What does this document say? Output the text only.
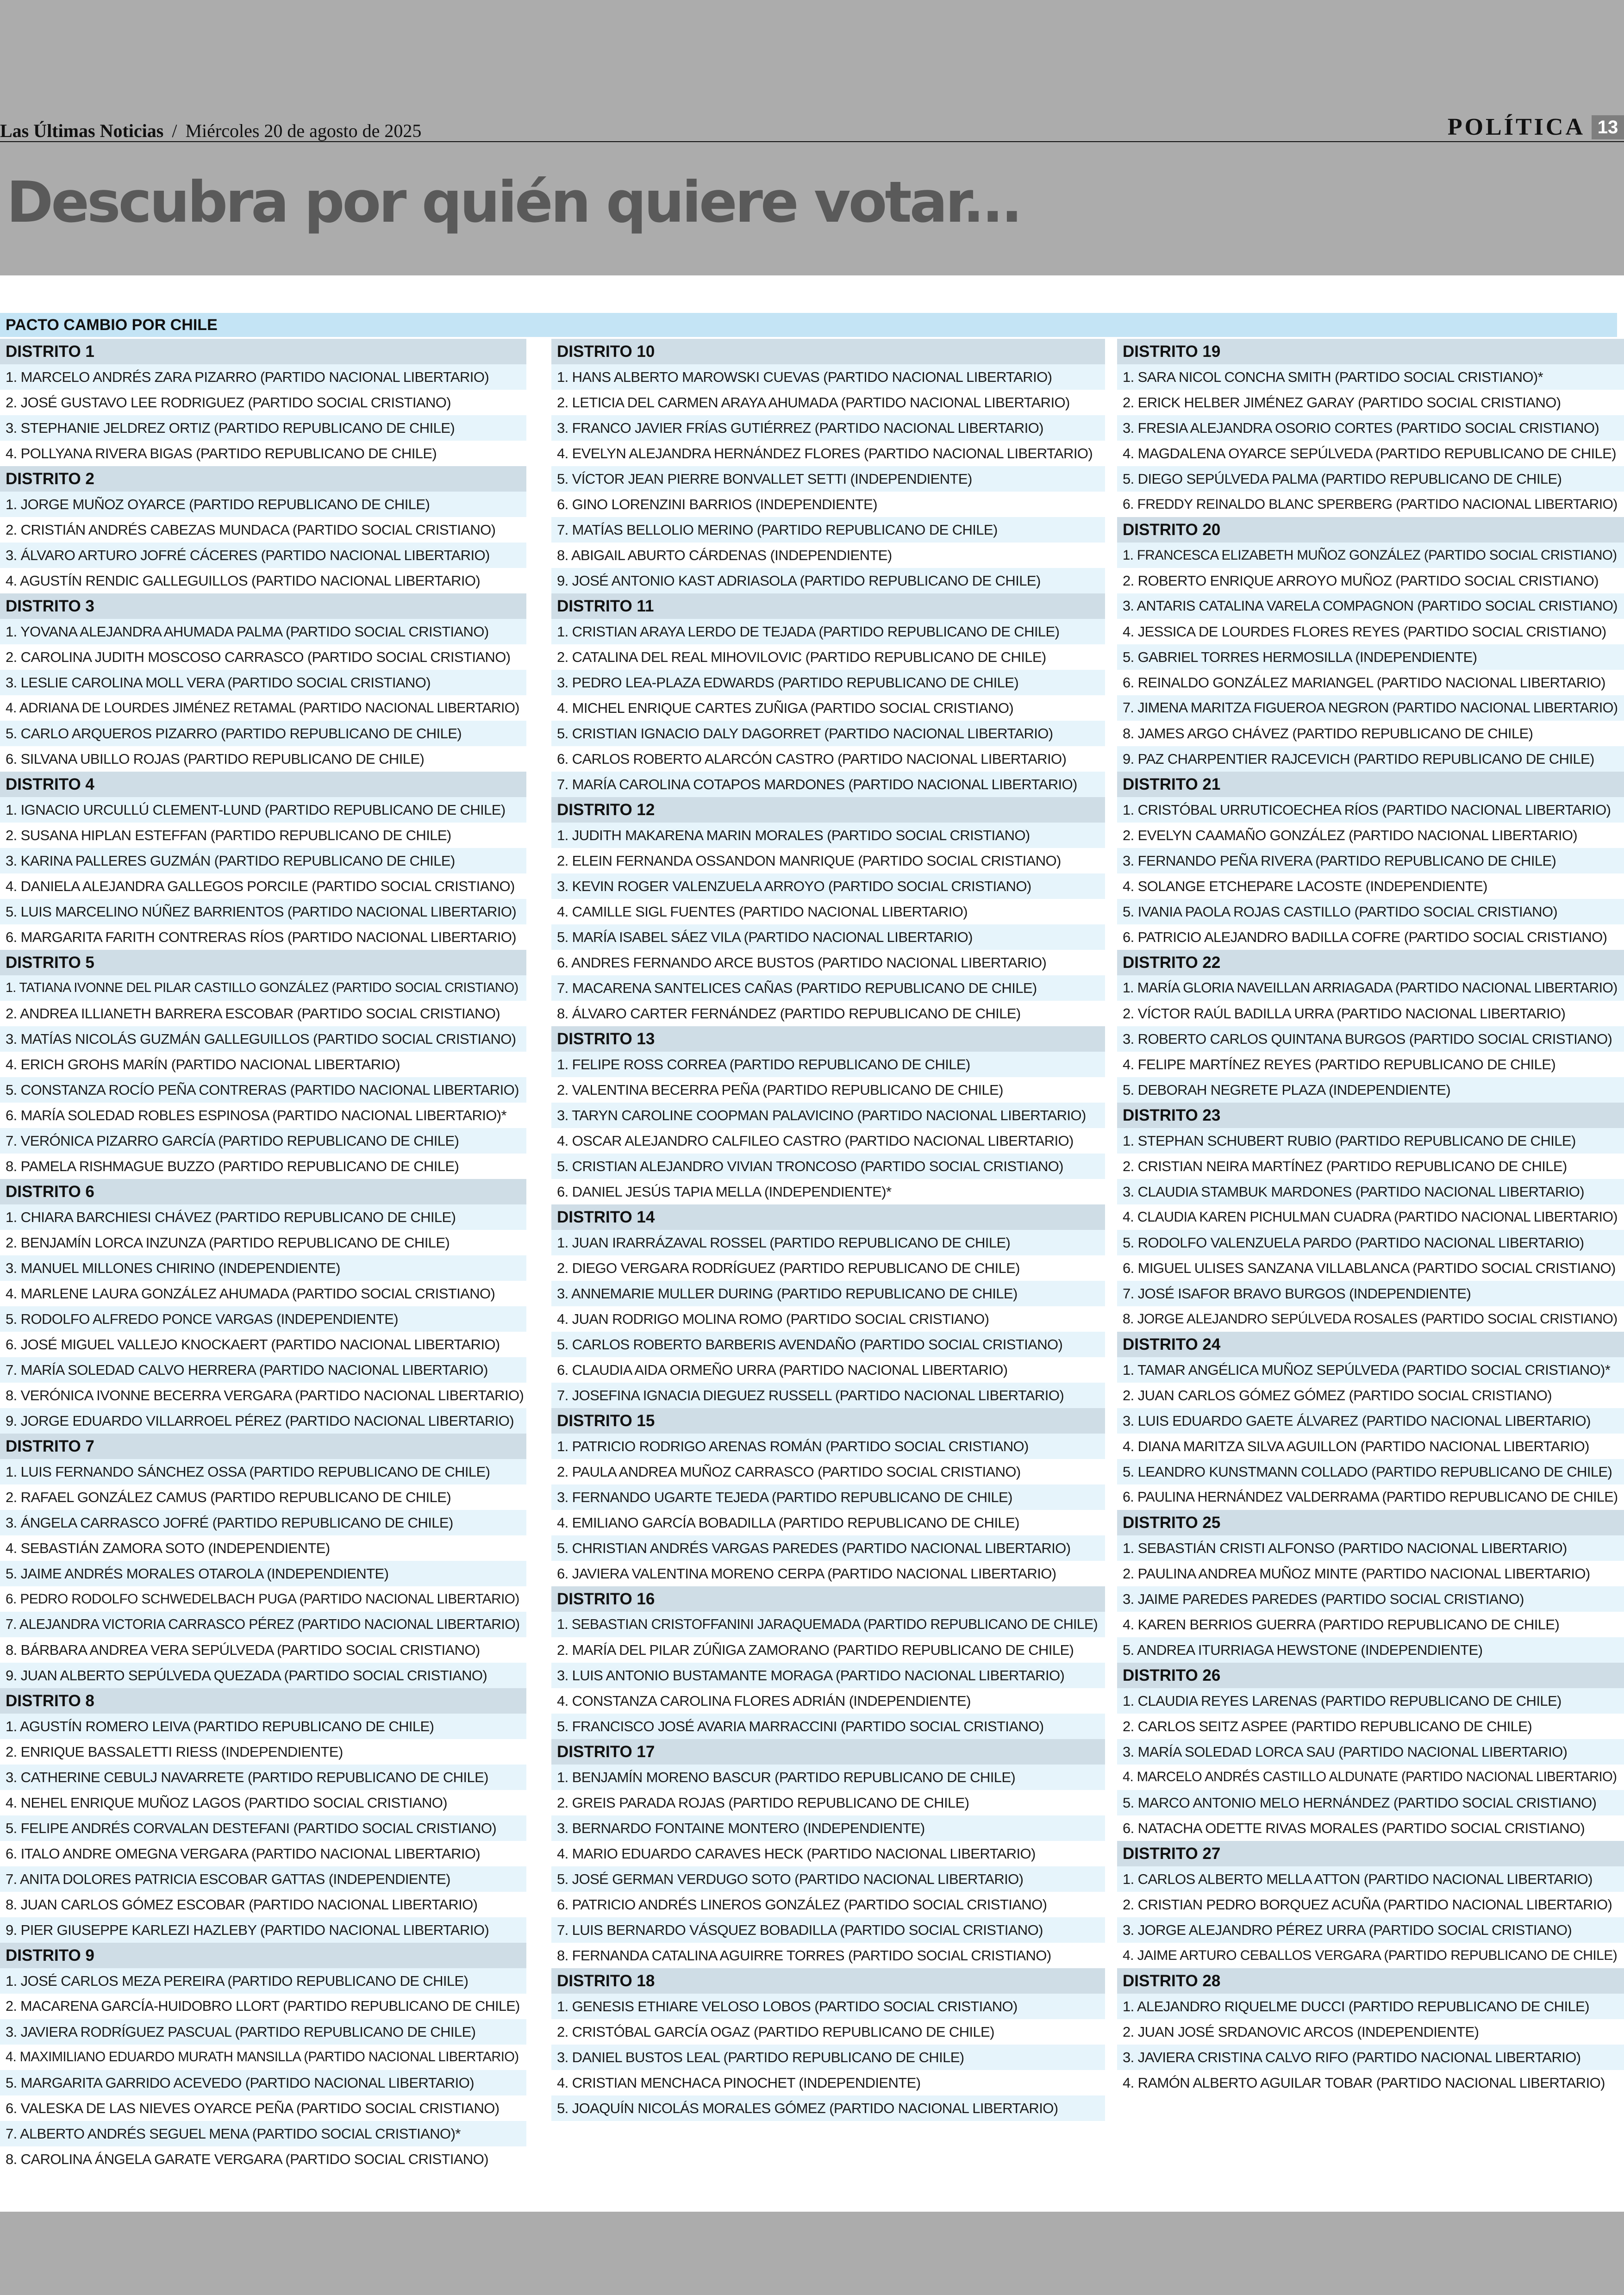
Las Últimas Noticias / Miércoles 20 de agosto de 2025	POLÍTICA 13
Descubra por quién quiere votar...
PACTO CAMBIO POR CHILE
DISTRITO 1
1. MARCELO ANDRÉS ZARA PIZARRO (PARTIDO NACIONAL LIBERTARIO)
2. JOSÉ GUSTAVO LEE RODRIGUEZ (PARTIDO SOCIAL CRISTIANO)
3. STEPHANIE JELDREZ ORTIZ (PARTIDO REPUBLICANO DE CHILE)
4. POLLYANA RIVERA BIGAS (PARTIDO REPUBLICANO DE CHILE)
DISTRITO 2
1. JORGE MUÑOZ OYARCE (PARTIDO REPUBLICANO DE CHILE)
2. CRISTIÁN ANDRÉS CABEZAS MUNDACA (PARTIDO SOCIAL CRISTIANO)
3. ÁLVARO ARTURO JOFRÉ CÁCERES (PARTIDO NACIONAL LIBERTARIO)
4. AGUSTÍN RENDIC GALLEGUILLOS (PARTIDO NACIONAL LIBERTARIO)
DISTRITO 3
1. YOVANA ALEJANDRA AHUMADA PALMA (PARTIDO SOCIAL CRISTIANO)
2. CAROLINA JUDITH MOSCOSO CARRASCO (PARTIDO SOCIAL CRISTIANO)
3. LESLIE CAROLINA MOLL VERA (PARTIDO SOCIAL CRISTIANO)
4. ADRIANA DE LOURDES JIMÉNEZ RETAMAL (PARTIDO NACIONAL LIBERTARIO)
5. CARLO ARQUEROS PIZARRO (PARTIDO REPUBLICANO DE CHILE)
6. SILVANA UBILLO ROJAS (PARTIDO REPUBLICANO DE CHILE)
DISTRITO 4
1. IGNACIO URCULLÚ CLEMENT-LUND (PARTIDO REPUBLICANO DE CHILE)
2. SUSANA HIPLAN ESTEFFAN (PARTIDO REPUBLICANO DE CHILE)
3. KARINA PALLERES GUZMÁN (PARTIDO REPUBLICANO DE CHILE)
4. DANIELA ALEJANDRA GALLEGOS PORCILE (PARTIDO SOCIAL CRISTIANO)
5. LUIS MARCELINO NÚÑEZ BARRIENTOS (PARTIDO NACIONAL LIBERTARIO)
6. MARGARITA FARITH CONTRERAS RÍOS (PARTIDO NACIONAL LIBERTARIO)
DISTRITO 5
1. TATIANA IVONNE DEL PILAR CASTILLO GONZÁLEZ (PARTIDO SOCIAL CRISTIANO)
2. ANDREA ILLIANETH BARRERA ESCOBAR (PARTIDO SOCIAL CRISTIANO)
3. MATÍAS NICOLÁS GUZMÁN GALLEGUILLOS (PARTIDO SOCIAL CRISTIANO)
4. ERICH GROHS MARÍN (PARTIDO NACIONAL LIBERTARIO)
5. CONSTANZA ROCÍO PEÑA CONTRERAS (PARTIDO NACIONAL LIBERTARIO)
6. MARÍA SOLEDAD ROBLES ESPINOSA (PARTIDO NACIONAL LIBERTARIO)*
7. VERÓNICA PIZARRO GARCÍA (PARTIDO REPUBLICANO DE CHILE)
8. PAMELA RISHMAGUE BUZZO (PARTIDO REPUBLICANO DE CHILE)
DISTRITO 6
1. CHIARA BARCHIESI CHÁVEZ (PARTIDO REPUBLICANO DE CHILE)
2. BENJAMÍN LORCA INZUNZA (PARTIDO REPUBLICANO DE CHILE)
3. MANUEL MILLONES CHIRINO (INDEPENDIENTE)
4. MARLENE LAURA GONZÁLEZ AHUMADA (PARTIDO SOCIAL CRISTIANO)
5. RODOLFO ALFREDO PONCE VARGAS (INDEPENDIENTE)
6. JOSÉ MIGUEL VALLEJO KNOCKAERT (PARTIDO NACIONAL LIBERTARIO)
7. MARÍA SOLEDAD CALVO HERRERA (PARTIDO NACIONAL LIBERTARIO)
8. VERÓNICA IVONNE BECERRA VERGARA (PARTIDO NACIONAL LIBERTARIO)
9. JORGE EDUARDO VILLARROEL PÉREZ (PARTIDO NACIONAL LIBERTARIO)
DISTRITO 7
1. LUIS FERNANDO SÁNCHEZ OSSA (PARTIDO REPUBLICANO DE CHILE)
2. RAFAEL GONZÁLEZ CAMUS (PARTIDO REPUBLICANO DE CHILE)
3. ÁNGELA CARRASCO JOFRÉ (PARTIDO REPUBLICANO DE CHILE)
4. SEBASTIÁN ZAMORA SOTO (INDEPENDIENTE)
5. JAIME ANDRÉS MORALES OTAROLA (INDEPENDIENTE)
6. PEDRO RODOLFO SCHWEDELBACH PUGA (PARTIDO NACIONAL LIBERTARIO)
7. ALEJANDRA VICTORIA CARRASCO PÉREZ (PARTIDO NACIONAL LIBERTARIO)
8. BÁRBARA ANDREA VERA SEPÚLVEDA (PARTIDO SOCIAL CRISTIANO)
9. JUAN ALBERTO SEPÚLVEDA QUEZADA (PARTIDO SOCIAL CRISTIANO)
DISTRITO 8
1. AGUSTÍN ROMERO LEIVA (PARTIDO REPUBLICANO DE CHILE)
2. ENRIQUE BASSALETTI RIESS (INDEPENDIENTE)
3. CATHERINE CEBULJ NAVARRETE (PARTIDO REPUBLICANO DE CHILE)
4. NEHEL ENRIQUE MUÑOZ LAGOS (PARTIDO SOCIAL CRISTIANO)
5. FELIPE ANDRÉS CORVALAN DESTEFANI (PARTIDO SOCIAL CRISTIANO)
6. ITALO ANDRE OMEGNA VERGARA (PARTIDO NACIONAL LIBERTARIO)
7. ANITA DOLORES PATRICIA ESCOBAR GATTAS (INDEPENDIENTE)
8. JUAN CARLOS GÓMEZ ESCOBAR (PARTIDO NACIONAL LIBERTARIO)
9. PIER GIUSEPPE KARLEZI HAZLEBY (PARTIDO NACIONAL LIBERTARIO)
DISTRITO 9
1. JOSÉ CARLOS MEZA PEREIRA (PARTIDO REPUBLICANO DE CHILE)
2. MACARENA GARCÍA-HUIDOBRO LLORT (PARTIDO REPUBLICANO DE CHILE)
3. JAVIERA RODRÍGUEZ PASCUAL (PARTIDO REPUBLICANO DE CHILE)
4. MAXIMILIANO EDUARDO MURATH MANSILLA (PARTIDO NACIONAL LIBERTARIO)
5. MARGARITA GARRIDO ACEVEDO (PARTIDO NACIONAL LIBERTARIO)
6. VALESKA DE LAS NIEVES OYARCE PEÑA (PARTIDO SOCIAL CRISTIANO)
7. ALBERTO ANDRÉS SEGUEL MENA (PARTIDO SOCIAL CRISTIANO)*
8. CAROLINA ÁNGELA GARATE VERGARA (PARTIDO SOCIAL CRISTIANO)
DISTRITO 10
1. HANS ALBERTO MAROWSKI CUEVAS (PARTIDO NACIONAL LIBERTARIO)
2. LETICIA DEL CARMEN ARAYA AHUMADA (PARTIDO NACIONAL LIBERTARIO)
3. FRANCO JAVIER FRÍAS GUTIÉRREZ (PARTIDO NACIONAL LIBERTARIO)
4. EVELYN ALEJANDRA HERNÁNDEZ FLORES (PARTIDO NACIONAL LIBERTARIO)
5. VÍCTOR JEAN PIERRE BONVALLET SETTI (INDEPENDIENTE)
6. GINO LORENZINI BARRIOS (INDEPENDIENTE)
7. MATÍAS BELLOLIO MERINO (PARTIDO REPUBLICANO DE CHILE)
8. ABIGAIL ABURTO CÁRDENAS (INDEPENDIENTE)
9. JOSÉ ANTONIO KAST ADRIASOLA (PARTIDO REPUBLICANO DE CHILE)
DISTRITO 11
1. CRISTIAN ARAYA LERDO DE TEJADA (PARTIDO REPUBLICANO DE CHILE)
2. CATALINA DEL REAL MIHOVILOVIC (PARTIDO REPUBLICANO DE CHILE)
3. PEDRO LEA-PLAZA EDWARDS (PARTIDO REPUBLICANO DE CHILE)
4. MICHEL ENRIQUE CARTES ZUÑIGA (PARTIDO SOCIAL CRISTIANO)
5. CRISTIAN IGNACIO DALY DAGORRET (PARTIDO NACIONAL LIBERTARIO)
6. CARLOS ROBERTO ALARCÓN CASTRO (PARTIDO NACIONAL LIBERTARIO)
7. MARÍA CAROLINA COTAPOS MARDONES (PARTIDO NACIONAL LIBERTARIO)
DISTRITO 12
1. JUDITH MAKARENA MARIN MORALES (PARTIDO SOCIAL CRISTIANO)
2. ELEIN FERNANDA OSSANDON MANRIQUE (PARTIDO SOCIAL CRISTIANO)
3. KEVIN ROGER VALENZUELA ARROYO (PARTIDO SOCIAL CRISTIANO)
4. CAMILLE SIGL FUENTES (PARTIDO NACIONAL LIBERTARIO)
5. MARÍA ISABEL SÁEZ VILA (PARTIDO NACIONAL LIBERTARIO)
6. ANDRES FERNANDO ARCE BUSTOS (PARTIDO NACIONAL LIBERTARIO)
7. MACARENA SANTELICES CAÑAS (PARTIDO REPUBLICANO DE CHILE)
8. ÁLVARO CARTER FERNÁNDEZ (PARTIDO REPUBLICANO DE CHILE)
DISTRITO 13
1. FELIPE ROSS CORREA (PARTIDO REPUBLICANO DE CHILE)
2. VALENTINA BECERRA PEÑA (PARTIDO REPUBLICANO DE CHILE)
3. TARYN CAROLINE COOPMAN PALAVICINO (PARTIDO NACIONAL LIBERTARIO)
4. OSCAR ALEJANDRO CALFILEO CASTRO (PARTIDO NACIONAL LIBERTARIO)
5. CRISTIAN ALEJANDRO VIVIAN TRONCOSO (PARTIDO SOCIAL CRISTIANO)
6. DANIEL JESÚS TAPIA MELLA (INDEPENDIENTE)*
DISTRITO 14
1. JUAN IRARRÁZAVAL ROSSEL (PARTIDO REPUBLICANO DE CHILE)
2. DIEGO VERGARA RODRÍGUEZ (PARTIDO REPUBLICANO DE CHILE)
3. ANNEMARIE MULLER DURING (PARTIDO REPUBLICANO DE CHILE)
4. JUAN RODRIGO MOLINA ROMO (PARTIDO SOCIAL CRISTIANO)
5. CARLOS ROBERTO BARBERIS AVENDAÑO (PARTIDO SOCIAL CRISTIANO)
6. CLAUDIA AIDA ORMEÑO URRA (PARTIDO NACIONAL LIBERTARIO)
7. JOSEFINA IGNACIA DIEGUEZ RUSSELL (PARTIDO NACIONAL LIBERTARIO)
DISTRITO 15
1. PATRICIO RODRIGO ARENAS ROMÁN (PARTIDO SOCIAL CRISTIANO)
2. PAULA ANDREA MUÑOZ CARRASCO (PARTIDO SOCIAL CRISTIANO)
3. FERNANDO UGARTE TEJEDA (PARTIDO REPUBLICANO DE CHILE)
4. EMILIANO GARCÍA BOBADILLA (PARTIDO REPUBLICANO DE CHILE)
5. CHRISTIAN ANDRÉS VARGAS PAREDES (PARTIDO NACIONAL LIBERTARIO)
6. JAVIERA VALENTINA MORENO CERPA (PARTIDO NACIONAL LIBERTARIO)
DISTRITO 16
1. SEBASTIAN CRISTOFFANINI JARAQUEMADA (PARTIDO REPUBLICANO DE CHILE)
2. MARÍA DEL PILAR ZÚÑIGA ZAMORANO (PARTIDO REPUBLICANO DE CHILE)
3. LUIS ANTONIO BUSTAMANTE MORAGA (PARTIDO NACIONAL LIBERTARIO)
4. CONSTANZA CAROLINA FLORES ADRIÁN (INDEPENDIENTE)
5. FRANCISCO JOSÉ AVARIA MARRACCINI (PARTIDO SOCIAL CRISTIANO)
DISTRITO 17
1. BENJAMÍN MORENO BASCUR (PARTIDO REPUBLICANO DE CHILE)
2. GREIS PARADA ROJAS (PARTIDO REPUBLICANO DE CHILE)
3. BERNARDO FONTAINE MONTERO (INDEPENDIENTE)
4. MARIO EDUARDO CARAVES HECK (PARTIDO NACIONAL LIBERTARIO)
5. JOSÉ GERMAN VERDUGO SOTO (PARTIDO NACIONAL LIBERTARIO)
6. PATRICIO ANDRÉS LINEROS GONZÁLEZ (PARTIDO SOCIAL CRISTIANO)
7. LUIS BERNARDO VÁSQUEZ BOBADILLA (PARTIDO SOCIAL CRISTIANO)
8. FERNANDA CATALINA AGUIRRE TORRES (PARTIDO SOCIAL CRISTIANO)
DISTRITO 18
1. GENESIS ETHIARE VELOSO LOBOS (PARTIDO SOCIAL CRISTIANO)
2. CRISTÓBAL GARCÍA OGAZ (PARTIDO REPUBLICANO DE CHILE)
3. DANIEL BUSTOS LEAL (PARTIDO REPUBLICANO DE CHILE)
4. CRISTIAN MENCHACA PINOCHET (INDEPENDIENTE)
5. JOAQUÍN NICOLÁS MORALES GÓMEZ (PARTIDO NACIONAL LIBERTARIO)
DISTRITO 19
1. SARA NICOL CONCHA SMITH (PARTIDO SOCIAL CRISTIANO)*
2. ERICK HELBER JIMÉNEZ GARAY (PARTIDO SOCIAL CRISTIANO)
3. FRESIA ALEJANDRA OSORIO CORTES (PARTIDO SOCIAL CRISTIANO)
4. MAGDALENA OYARCE SEPÚLVEDA (PARTIDO REPUBLICANO DE CHILE)
5. DIEGO SEPÚLVEDA PALMA (PARTIDO REPUBLICANO DE CHILE)
6. FREDDY REINALDO BLANC SPERBERG (PARTIDO NACIONAL LIBERTARIO)
DISTRITO 20
1. FRANCESCA ELIZABETH MUÑOZ GONZÁLEZ (PARTIDO SOCIAL CRISTIANO)
2. ROBERTO ENRIQUE ARROYO MUÑOZ (PARTIDO SOCIAL CRISTIANO)
3. ANTARIS CATALINA VARELA COMPAGNON (PARTIDO SOCIAL CRISTIANO)
4. JESSICA DE LOURDES FLORES REYES (PARTIDO SOCIAL CRISTIANO)
5. GABRIEL TORRES HERMOSILLA (INDEPENDIENTE)
6. REINALDO GONZÁLEZ MARIANGEL (PARTIDO NACIONAL LIBERTARIO)
7. JIMENA MARITZA FIGUEROA NEGRON (PARTIDO NACIONAL LIBERTARIO)
8. JAMES ARGO CHÁVEZ (PARTIDO REPUBLICANO DE CHILE)
9. PAZ CHARPENTIER RAJCEVICH (PARTIDO REPUBLICANO DE CHILE)
DISTRITO 21
1. CRISTÓBAL URRUTICOECHEA RÍOS (PARTIDO NACIONAL LIBERTARIO)
2. EVELYN CAAMAÑO GONZÁLEZ (PARTIDO NACIONAL LIBERTARIO)
3. FERNANDO PEÑA RIVERA (PARTIDO REPUBLICANO DE CHILE)
4. SOLANGE ETCHEPARE LACOSTE (INDEPENDIENTE)
5. IVANIA PAOLA ROJAS CASTILLO (PARTIDO SOCIAL CRISTIANO)
6. PATRICIO ALEJANDRO BADILLA COFRE (PARTIDO SOCIAL CRISTIANO)
DISTRITO 22
1. MARÍA GLORIA NAVEILLAN ARRIAGADA (PARTIDO NACIONAL LIBERTARIO)
2. VÍCTOR RAÚL BADILLA URRA (PARTIDO NACIONAL LIBERTARIO)
3. ROBERTO CARLOS QUINTANA BURGOS (PARTIDO SOCIAL CRISTIANO)
4. FELIPE MARTÍNEZ REYES (PARTIDO REPUBLICANO DE CHILE)
5. DEBORAH NEGRETE PLAZA (INDEPENDIENTE)
DISTRITO 23
1. STEPHAN SCHUBERT RUBIO (PARTIDO REPUBLICANO DE CHILE)
2. CRISTIAN NEIRA MARTÍNEZ (PARTIDO REPUBLICANO DE CHILE)
3. CLAUDIA STAMBUK MARDONES (PARTIDO NACIONAL LIBERTARIO)
4. CLAUDIA KAREN PICHULMAN CUADRA (PARTIDO NACIONAL LIBERTARIO)
5. RODOLFO VALENZUELA PARDO (PARTIDO NACIONAL LIBERTARIO)
6. MIGUEL ULISES SANZANA VILLABLANCA (PARTIDO SOCIAL CRISTIANO)
7. JOSÉ ISAFOR BRAVO BURGOS (INDEPENDIENTE)
8. JORGE ALEJANDRO SEPÚLVEDA ROSALES (PARTIDO SOCIAL CRISTIANO)
DISTRITO 24
1. TAMAR ANGÉLICA MUÑOZ SEPÚLVEDA (PARTIDO SOCIAL CRISTIANO)*
2. JUAN CARLOS GÓMEZ GÓMEZ (PARTIDO SOCIAL CRISTIANO)
3. LUIS EDUARDO GAETE ÁLVAREZ (PARTIDO NACIONAL LIBERTARIO)
4. DIANA MARITZA SILVA AGUILLON (PARTIDO NACIONAL LIBERTARIO)
5. LEANDRO KUNSTMANN COLLADO (PARTIDO REPUBLICANO DE CHILE)
6. PAULINA HERNÁNDEZ VALDERRAMA (PARTIDO REPUBLICANO DE CHILE)
DISTRITO 25
1. SEBASTIÁN CRISTI ALFONSO (PARTIDO NACIONAL LIBERTARIO)
2. PAULINA ANDREA MUÑOZ MINTE (PARTIDO NACIONAL LIBERTARIO)
3. JAIME PAREDES PAREDES (PARTIDO SOCIAL CRISTIANO)
4. KAREN BERRIOS GUERRA (PARTIDO REPUBLICANO DE CHILE)
5. ANDREA ITURRIAGA HEWSTONE (INDEPENDIENTE)
DISTRITO 26
1. CLAUDIA REYES LARENAS (PARTIDO REPUBLICANO DE CHILE)
2. CARLOS SEITZ ASPEE (PARTIDO REPUBLICANO DE CHILE)
3. MARÍA SOLEDAD LORCA SAU (PARTIDO NACIONAL LIBERTARIO)
4. MARCELO ANDRÉS CASTILLO ALDUNATE (PARTIDO NACIONAL LIBERTARIO)
5. MARCO ANTONIO MELO HERNÁNDEZ (PARTIDO SOCIAL CRISTIANO)
6. NATACHA ODETTE RIVAS MORALES (PARTIDO SOCIAL CRISTIANO)
DISTRITO 27
1. CARLOS ALBERTO MELLA ATTON (PARTIDO NACIONAL LIBERTARIO)
2. CRISTIAN PEDRO BORQUEZ ACUÑA (PARTIDO NACIONAL LIBERTARIO)
3. JORGE ALEJANDRO PÉREZ URRA (PARTIDO SOCIAL CRISTIANO)
4. JAIME ARTURO CEBALLOS VERGARA (PARTIDO REPUBLICANO DE CHILE)
DISTRITO 28
1. ALEJANDRO RIQUELME DUCCI (PARTIDO REPUBLICANO DE CHILE)
2. JUAN JOSÉ SRDANOVIC ARCOS (INDEPENDIENTE)
3. JAVIERA CRISTINA CALVO RIFO (PARTIDO NACIONAL LIBERTARIO)
4. RAMÓN ALBERTO AGUILAR TOBAR (PARTIDO NACIONAL LIBERTARIO)
